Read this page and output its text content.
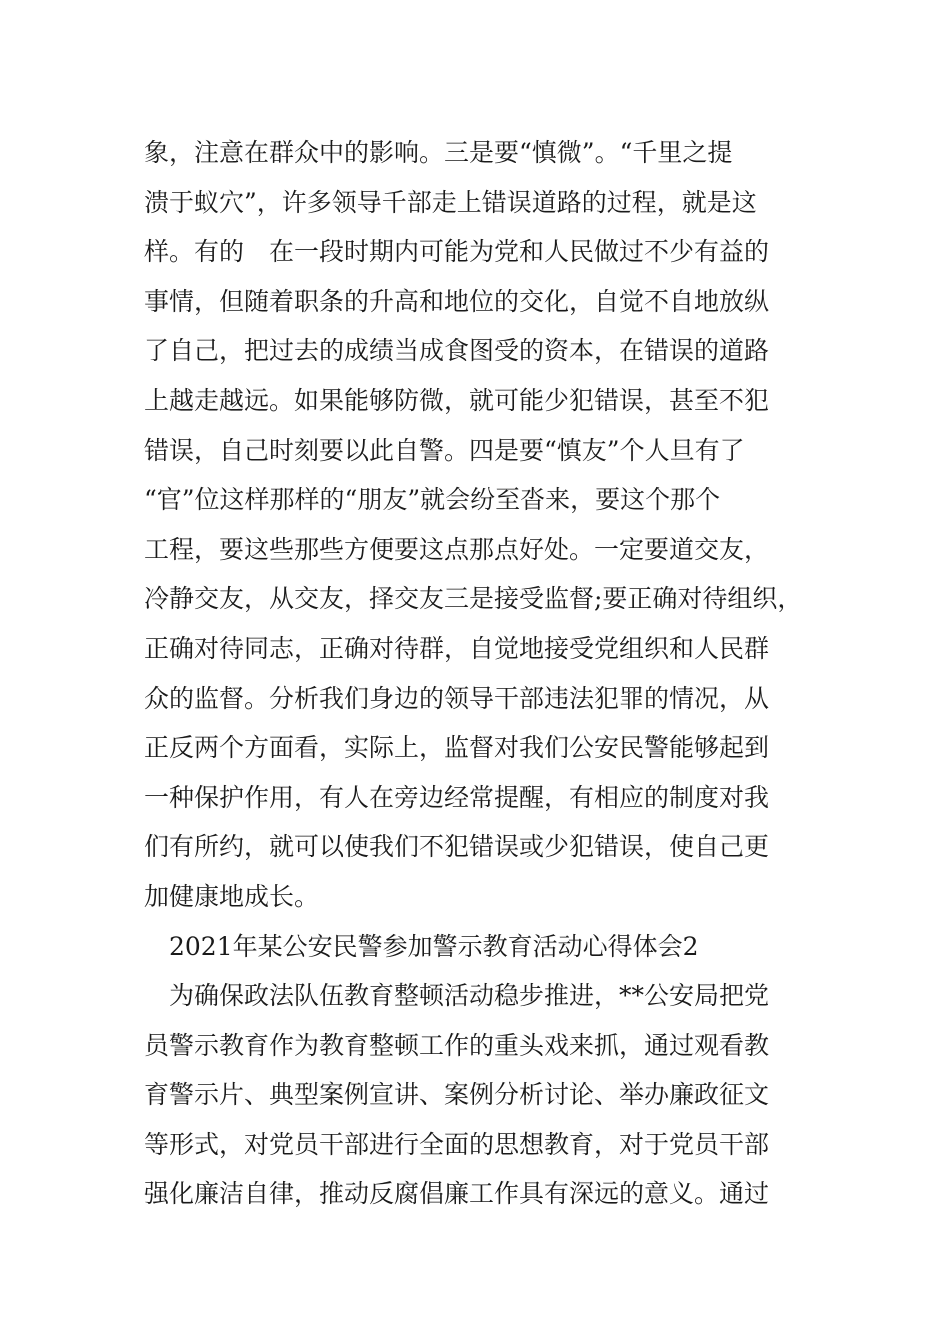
象，注意在群众中的影响。三是要“慎微”。“千里之提
溃于蚁穴”，许多领导千部走上错误道路的过程，就是这
样。有的　在一段时期内可能为党和人民做过不少有益的
事情，但随着职条的升高和地位的交化，自觉不自地放纵
了自己，把过去的成绩当成食图受的资本，在错误的道路
上越走越远。如果能够防微，就可能少犯错误，甚至不犯
错误，自己时刻要以此自警。四是要“慎友”个人旦有了
“官”位这样那样的“朋友”就会纷至沓来，要这个那个
工程，要这些那些方便要这点那点好处。一定要道交友，
冷静交友，从交友，择交友三是接受监督;要正确对待组织，
正确对待同志，正确对待群，自觉地接受党组织和人民群
众的监督。分析我们身边的领导干部违法犯罪的情况，从
正反两个方面看，实际上，监督对我们公安民警能够起到
一种保护作用，有人在旁边经常提醒，有相应的制度对我
们有所约，就可以使我们不犯错误或少犯错误，使自己更
加健康地成长。
　2021年某公安民警参加警示教育活动心得体会2
　为确保政法队伍教育整顿活动稳步推进，**公安局把党
员警示教育作为教育整顿工作的重头戏来抓，通过观看教
育警示片、典型案例宣讲、案例分析讨论、举办廉政征文
等形式，对党员干部进行全面的思想教育，对于党员干部
强化廉洁自律，推动反腐倡廉工作具有深远的意义。通过
